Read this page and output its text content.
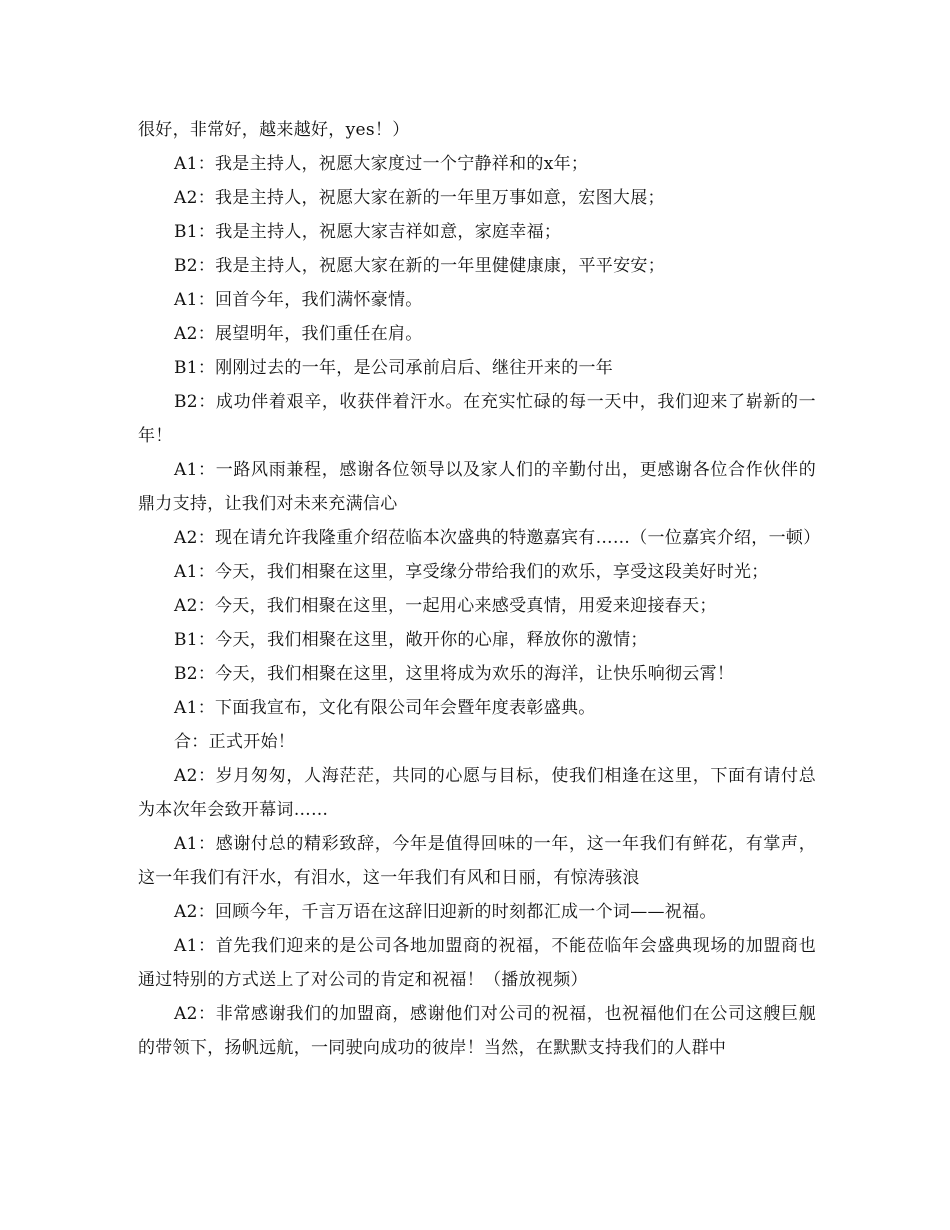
很好，非常好，越来越好，yes！）

A1：我是主持人，祝愿大家度过一个宁静祥和的x年；

A2：我是主持人，祝愿大家在新的一年里万事如意，宏图大展；

B1：我是主持人，祝愿大家吉祥如意，家庭幸福；

B2：我是主持人，祝愿大家在新的一年里健健康康，平平安安；

A1：回首今年，我们满怀豪情。

A2：展望明年，我们重任在肩。

B1：刚刚过去的一年，是公司承前启后、继往开来的一年

B2：成功伴着艰辛，收获伴着汗水。在充实忙碌的每一天中，我们迎来了崭新的一年！

A1：一路风雨兼程，感谢各位领导以及家人们的辛勤付出，更感谢各位合作伙伴的鼎力支持，让我们对未来充满信心

A2：现在请允许我隆重介绍莅临本次盛典的特邀嘉宾有……（一位嘉宾介绍，一顿）

A1：今天，我们相聚在这里，享受缘分带给我们的欢乐，享受这段美好时光；

A2：今天，我们相聚在这里，一起用心来感受真情，用爱来迎接春天；

B1：今天，我们相聚在这里，敞开你的心扉，释放你的激情；

B2：今天，我们相聚在这里，这里将成为欢乐的海洋，让快乐响彻云霄！

A1：下面我宣布，文化有限公司年会暨年度表彰盛典。

合：正式开始！

A2：岁月匆匆，人海茫茫，共同的心愿与目标，使我们相逢在这里，下面有请付总为本次年会致开幕词……

A1：感谢付总的精彩致辞，今年是值得回味的一年，这一年我们有鲜花，有掌声，这一年我们有汗水，有泪水，这一年我们有风和日丽，有惊涛骇浪

A2：回顾今年，千言万语在这辞旧迎新的时刻都汇成一个词——祝福。

A1：首先我们迎来的是公司各地加盟商的祝福，不能莅临年会盛典现场的加盟商也通过特别的方式送上了对公司的肯定和祝福！（播放视频）

A2：非常感谢我们的加盟商，感谢他们对公司的祝福，也祝福他们在公司这艘巨舰的带领下，扬帆远航，一同驶向成功的彼岸！当然，在默默支持我们的人群中
